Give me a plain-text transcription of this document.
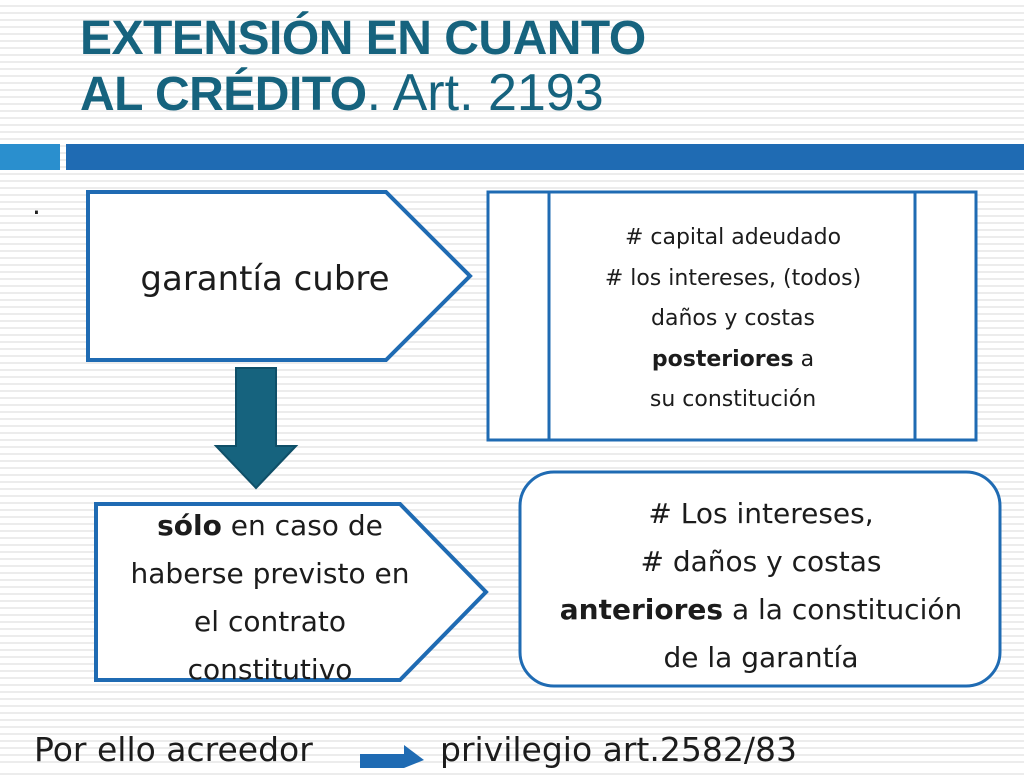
EXTENSIÓN EN CUANTO
AL CRÉDITO. Art. 2193
·
garantía cubre
# capital adeudado
# los intereses, (todos)
daños y costas
posteriores a
su constitución
sólo en caso de
haberse previsto en
el contrato
constitutivo
# Los intereses,
# daños y costas
anteriores a la constitución
de la garantía
Por ello acreedor	privilegio art.2582/83
